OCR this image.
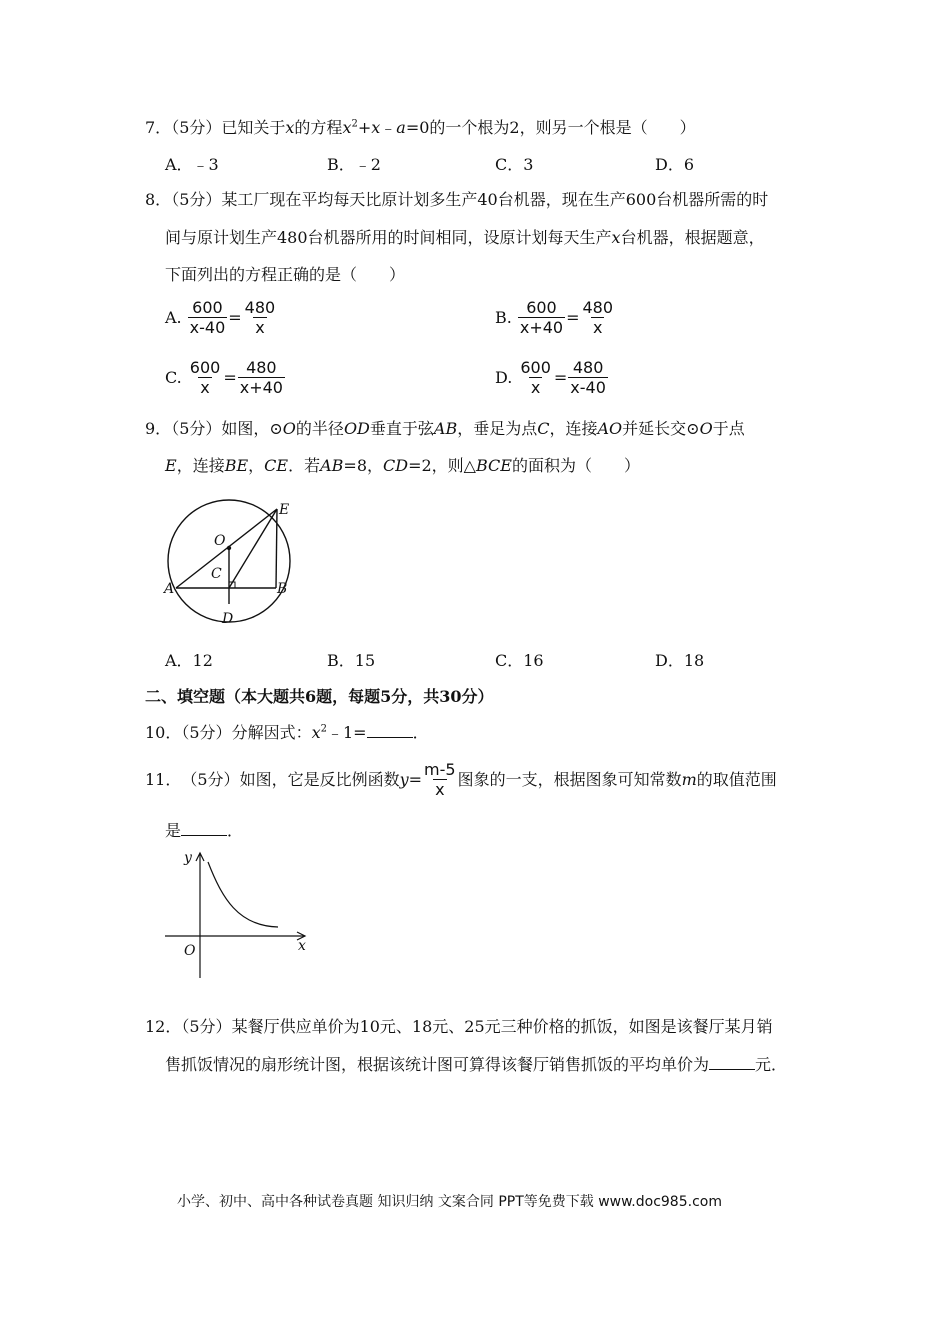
7．（5分）已知关于x的方程$x^2+x﹣a=0$的一个根为2，则另一个根是（　　）
A．﹣3	B．﹣2	C．3	D．6
8．（5分）某工厂现在平均每天比原计划多生产40台机器，现在生产600台机器所需的时
间与原计划生产480台机器所用的时间相同，设原计划每天生产x台机器，根据题意，
下面列出的方程正确的是（　　）
A. $\frac{600}{x-40} = \frac{480}{x}$	B. $\frac{600}{x+40} = \frac{480}{x}$
C. $\frac{600}{x} = \frac{480}{x+40}$	D. $\frac{600}{x} = \frac{480}{x-40}$
9．（5分）如图，⊙O的半径OD垂直于弦AB，垂足为点C，连接AO并延长交⊙O于点
E，连接BE，CE．若AB=8，CD=2，则△BCE的面积为（　　）
E
O
C
A	B
D
A．12	B．15	C．16	D．18
二、填空题（本大题共6题，每题5分，共30分）
10．（5分）分解因式：$x^2﹣1=$	．
11． （5分） 如图，它是反比例函数 $y = \frac{m-5}{x}$ 图象的一支，根据图象可知常数 m 的取值范围
是	．
y
x
O
12．（5分）某餐厅供应单价为10元、18元、25元三种价格的抓饭，如图是该餐厅某月销
售抓饭情况的扇形统计图，根据该统计图可算得该餐厅销售抓饭的平均单价为	元．
小学、初中、高中各种试卷真题 知识归纳 文案合同 PPT等免费下载 www.doc985.com
